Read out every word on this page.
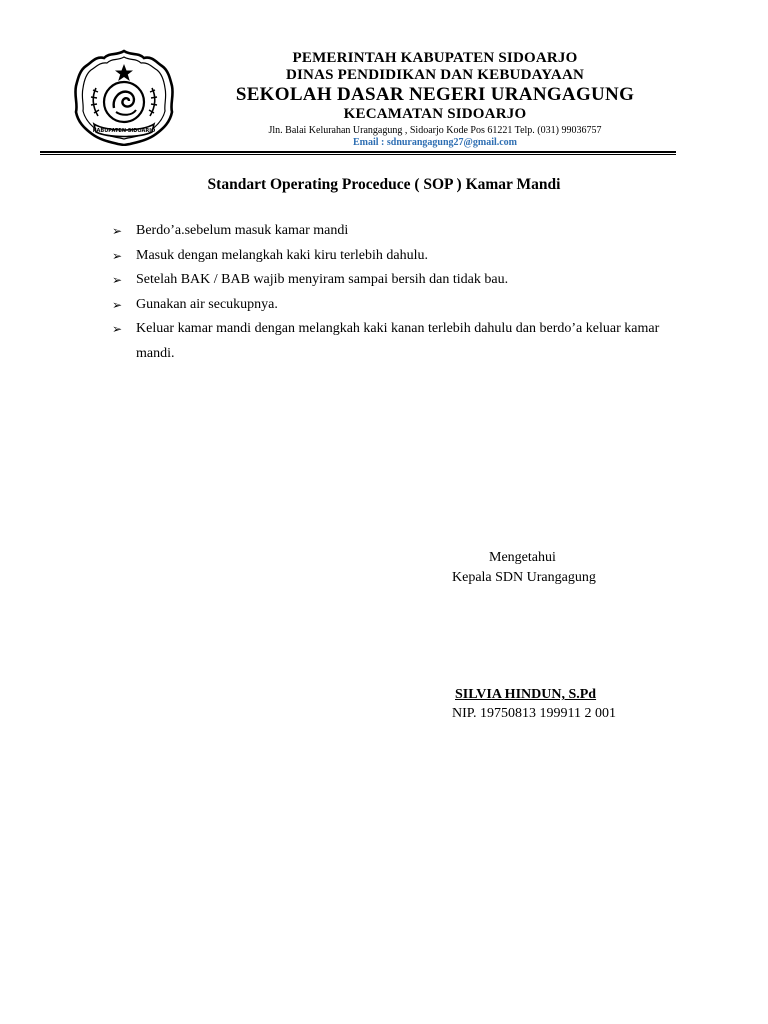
KABUPATEN SIDOARJO
PEMERINTAH KABUPATEN SIDOARJO
DINAS PENDIDIKAN DAN KEBUDAYAAN
SEKOLAH DASAR NEGERI URANGAGUNG
KECAMATAN SIDOARJO
Jln. Balai Kelurahan Urangagung , Sidoarjo Kode Pos 61221 Telp. (031) 99036757
Email : sdnurangagung27@gmail.com
Standart Operating Proceduce ( SOP ) Kamar Mandi
➢ Berdo’a.sebelum masuk kamar mandi
➢ Masuk dengan melangkah kaki kiru terlebih dahulu.
➢ Setelah BAK / BAB wajib menyiram sampai bersih dan tidak bau.
➢ Gunakan air secukupnya.
➢ Keluar kamar mandi dengan melangkah kaki kanan terlebih dahulu dan berdo’a keluar kamar mandi.
Mengetahui
Kepala SDN Urangagung
SILVIA HINDUN, S.Pd
NIP. 19750813 199911 2 001
